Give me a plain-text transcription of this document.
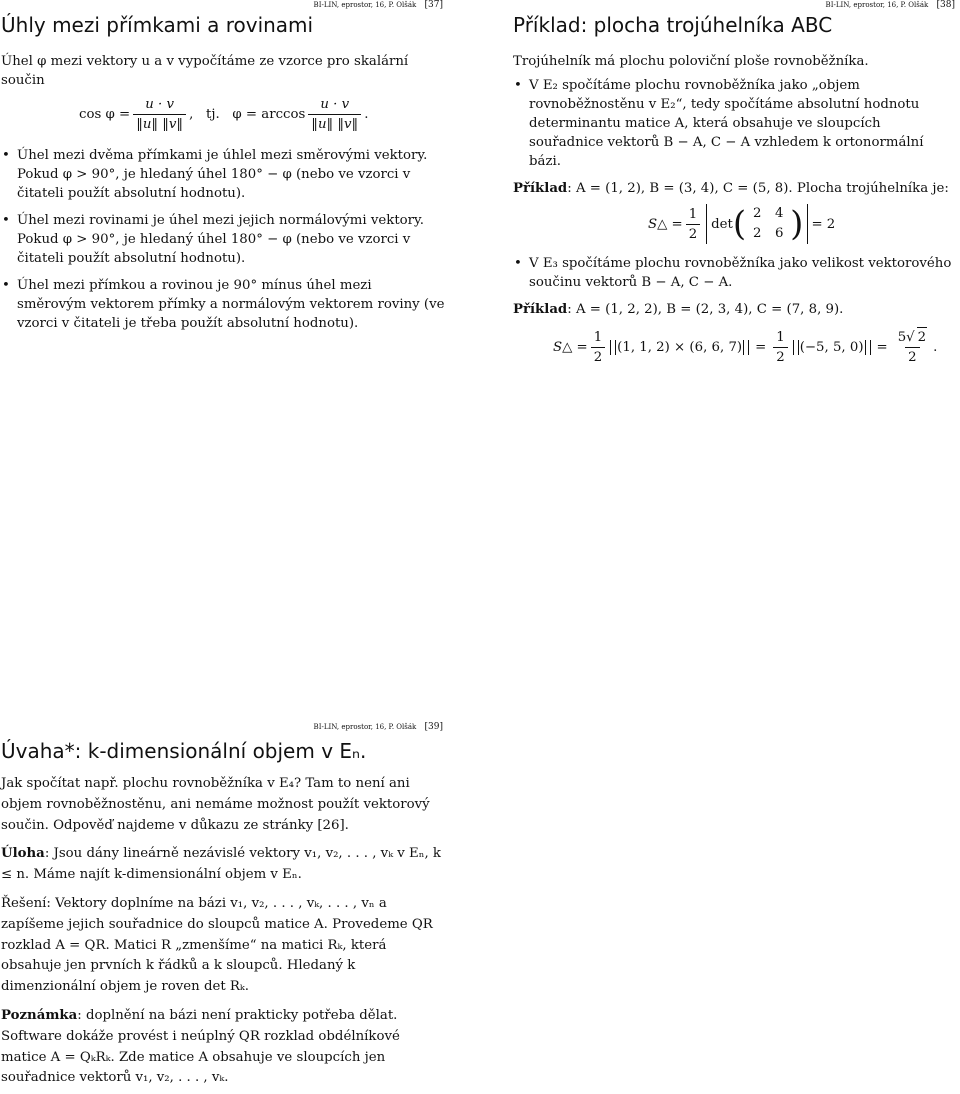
BI-LIN, eprostor, 16, P. Olšák [37]
Úhly mezi přímkami a rovinami

Úhel φ mezi vektory u a v vypočítáme ze vzorce pro skalární součin

$\cos \varphi = \frac{u \cdot v}{‖u‖ ‖v‖}$ ,   tj.   $\varphi = \arccos \frac{u \cdot v}{‖u‖ ‖v‖}$ .
• Úhel mezi dvěma přímkami je úhlel mezi směrovými vektory. Pokud φ > 90°, je hledaný úhel 180° − φ (nebo ve vzorci v čitateli použít absolutní hodnotu).
• Úhel mezi rovinami je úhel mezi jejich normálovými vektory. Pokud φ > 90°, je hledaný úhel 180° − φ (nebo ve vzorci v čitateli použít absolutní hodnotu).
• Úhel mezi přímkou a rovinou je 90° mínus úhel mezi směrovým vektorem přímky a normálovým vektorem roviny (ve vzorci v čitateli je třeba použít absolutní hodnotu).
BI-LIN, eprostor, 16, P. Olšák [38]
Příklad: plocha trojúhelníka ABC

Trojúhelník má plochu poloviční ploše rovnoběžníka.

• V E₂ spočítáme plochu rovnoběžníka jako „objem rovnoběžnostěnu v E₂“, tedy spočítáme absolutní hodnotu determinantu matice A, která obsahuje ve sloupcích souřadnice vektorů B − A, C − A vzhledem k ortonormální bázi.

Příklad: A = (1, 2), B = (3, 4), C = (5, 8). Plocha trojúhelníka je:

S△ = $\frac{1}{2}$ det ( 2	4
2	6 ) = 2
• V E₃ spočítáme plochu rovnoběžníka jako velikost vektorového součinu vektorů B − A, C − A.

Příklad: A = (1, 2, 2), B = (2, 3, 4), C = (7, 8, 9).

S△ = $\frac{1}{2} (1$, 1, 2) × (6, 6, $7) = \frac{1}{2} (-5$, 5, $0) = \frac{5√ 2}{2}$ .
BI-LIN, eprostor, 16, P. Olšák [39]
Úvaha*: k-dimensionální objem v Eₙ.

Jak spočítat např. plochu rovnoběžníka v E₄? Tam to není ani objem rovnoběžnostěnu, ani nemáme možnost použít vektorový součin. Odpověď najdeme v důkazu ze stránky [26].

Úloha: Jsou dány lineárně nezávislé vektory v₁, v₂, . . . , vₖ v Eₙ, k ≤ n. Máme najít k-dimensionální objem v Eₙ.

Řešení: Vektory doplníme na bázi v₁, v₂, . . . , vₖ, . . . , vₙ a zapíšeme jejich souřadnice do sloupců matice A. Provedeme QR rozklad A = QR. Matici R „zmenšíme“ na matici Rₖ, která obsahuje jen prvních k řádků a k sloupců. Hledaný k dimenzionální objem je roven det Rₖ.

Poznámka: doplnění na bázi není prakticky potřeba dělat. Software dokáže provést i neúplný QR rozklad obdélníkové matice A = QₖRₖ. Zde matice A obsahuje ve sloupcích jen souřadnice vektorů v₁, v₂, . . . , vₖ.
